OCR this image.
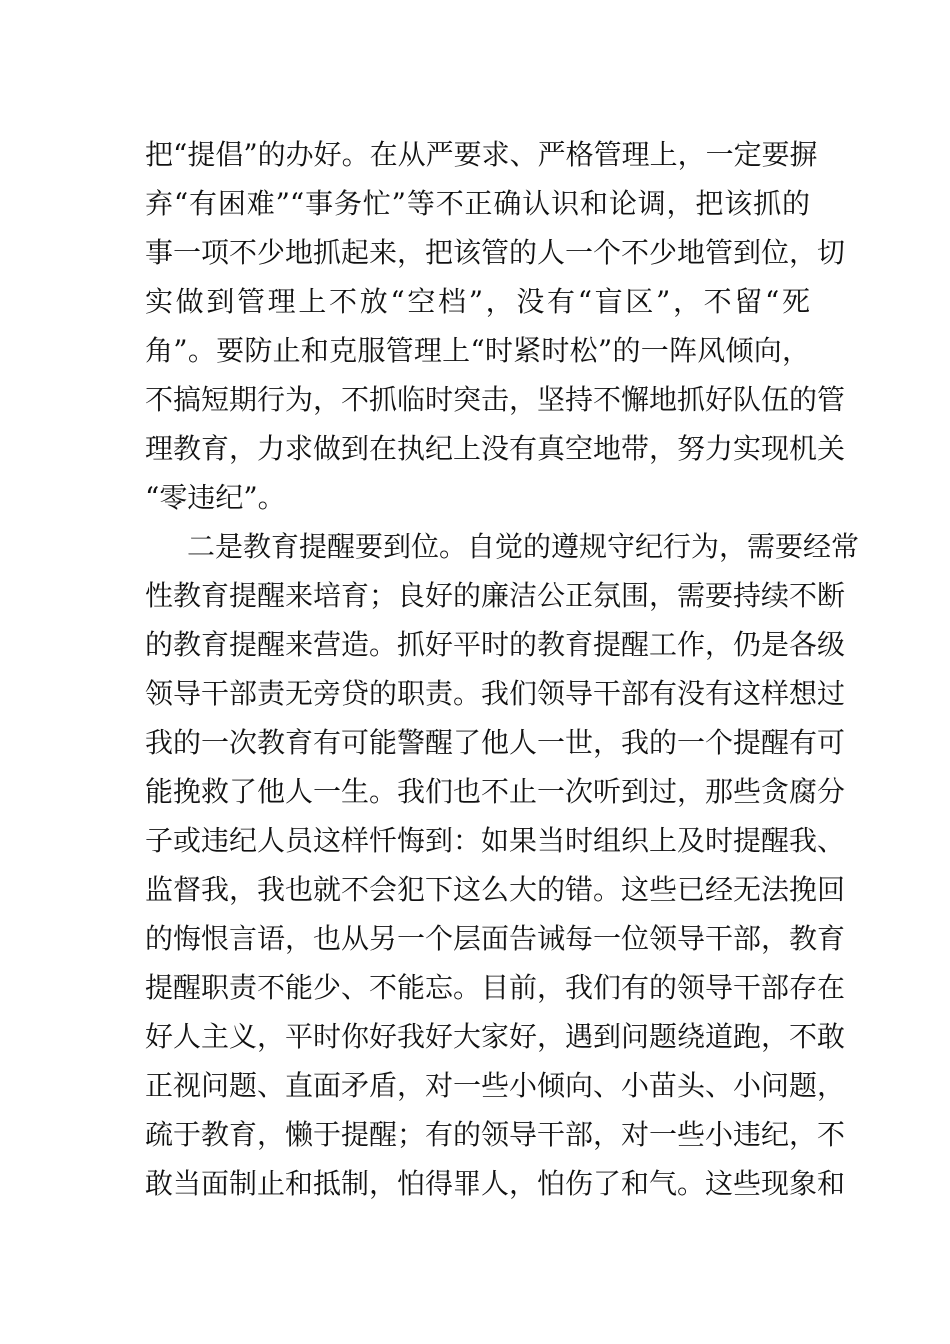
把“提倡”的办好。在从严要求、严格管理上，一定要摒
弃“有困难”“事务忙”等不正确认识和论调，把该抓的
事一项不少地抓起来，把该管的人一个不少地管到位，切
实做到管理上不放“空档”，没有“盲区”，不留“死
角”。要防止和克服管理上“时紧时松”的一阵风倾向，
不搞短期行为，不抓临时突击，坚持不懈地抓好队伍的管
理教育，力求做到在执纪上没有真空地带，努力实现机关
“零违纪”。
二是教育提醒要到位。自觉的遵规守纪行为，需要经常
性教育提醒来培育；良好的廉洁公正氛围，需要持续不断
的教育提醒来营造。抓好平时的教育提醒工作，仍是各级
领导干部责无旁贷的职责。我们领导干部有没有这样想过
我的一次教育有可能警醒了他人一世，我的一个提醒有可
能挽救了他人一生。我们也不止一次听到过，那些贪腐分
子或违纪人员这样忏悔到：如果当时组织上及时提醒我、
监督我，我也就不会犯下这么大的错。这些已经无法挽回
的悔恨言语，也从另一个层面告诫每一位领导干部，教育
提醒职责不能少、不能忘。目前，我们有的领导干部存在
好人主义，平时你好我好大家好，遇到问题绕道跑，不敢
正视问题、直面矛盾，对一些小倾向、小苗头、小问题，
疏于教育，懒于提醒；有的领导干部，对一些小违纪，不
敢当面制止和抵制，怕得罪人，怕伤了和气。这些现象和
